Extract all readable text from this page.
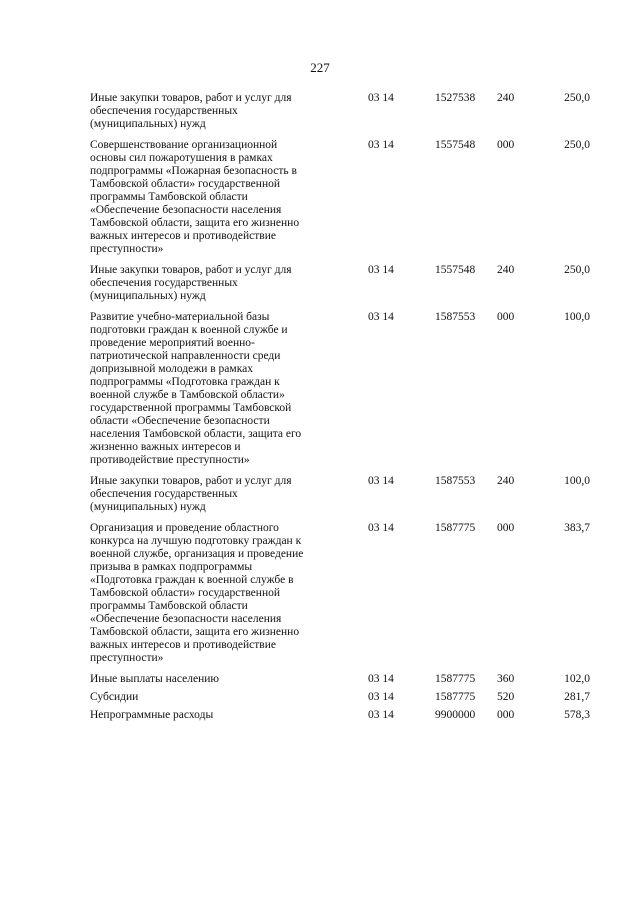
227
Иные закупки товаров, работ и услуг для
обеспечения государственных
(муниципальных) нужд
03 14	1527538	240	250,0
Совершенствование организационной
основы сил пожаротушения в рамках
подпрограммы «Пожарная безопасность в
Тамбовской области» государственной
программы Тамбовской области
«Обеспечение безопасности населения
Тамбовской области, защита его жизненно
важных интересов и противодействие
преступности»
03 14	1557548	000	250,0
Иные закупки товаров, работ и услуг для
обеспечения государственных
(муниципальных) нужд
03 14	1557548	240	250,0
Развитие учебно-материальной базы
подготовки граждан к военной службе и
проведение мероприятий военно-
патриотической направленности среди
допризывной молодежи в рамках
подпрограммы «Подготовка граждан к
военной службе в Тамбовской области»
государственной программы Тамбовской
области «Обеспечение безопасности
населения Тамбовской области, защита его
жизненно важных интересов и
противодействие преступности»
03 14	1587553	000	100,0
Иные закупки товаров, работ и услуг для
обеспечения государственных
(муниципальных) нужд
03 14	1587553	240	100,0
Организация и проведение областного
конкурса на лучшую подготовку граждан к
военной службе, организация и проведение
призыва в рамках подпрограммы
«Подготовка граждан к военной службе в
Тамбовской области» государственной
программы Тамбовской области
«Обеспечение безопасности населения
Тамбовской области, защита его жизненно
важных интересов и противодействие
преступности»
03 14	1587775	000	383,7
Иные выплаты населению	03 14	1587775	360	102,0
Субсидии	03 14	1587775	520	281,7
Непрограммные расходы	03 14	9900000	000	578,3
